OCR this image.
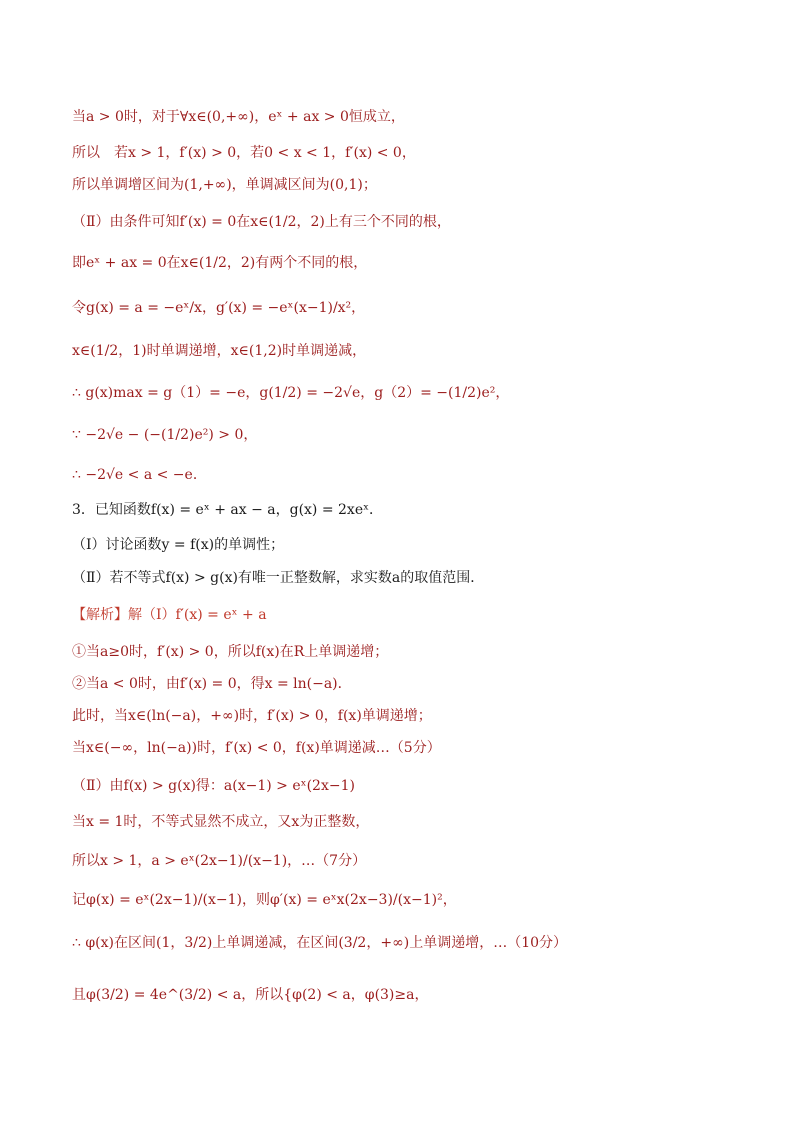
当a > 0时，对于∀x∈(0,+∞)，eˣ + ax > 0恒成立，
所以　若x > 1，f′(x) > 0，若0 < x < 1，f′(x) < 0，
所以单调增区间为(1,+∞)，单调减区间为(0,1)；
（Ⅱ）由条件可知f′(x) = 0在x∈(1/2，2)上有三个不同的根，
即eˣ + ax = 0在x∈(1/2，2)有两个不同的根，
令g(x) = a = −eˣ/x，g′(x) = −eˣ(x−1)/x²，
x∈(1/2，1)时单调递增，x∈(1,2)时单调递减，
∴ g(x)max = g（1）= −e，g(1/2) = −2√e，g（2）= −(1/2)e²，
∵ −2√e − (−(1/2)e²) > 0，
∴ −2√e < a < −e．
3．已知函数f(x) = eˣ + ax − a，g(x) = 2xeˣ．
（Ⅰ）讨论函数y = f(x)的单调性；
（Ⅱ）若不等式f(x) > g(x)有唯一正整数解，求实数a的取值范围．
【解析】解（Ⅰ）f′(x) = eˣ + a
①当a≥0时，f′(x) > 0，所以f(x)在R上单调递增；
②当a < 0时，由f′(x) = 0，得x = ln(−a)．
此时，当x∈(ln(−a)，+∞)时，f′(x) > 0，f(x)单调递增；
当x∈(−∞，ln(−a))时，f′(x) < 0，f(x)单调递减…（5分）
（Ⅱ）由f(x) > g(x)得：a(x−1) > eˣ(2x−1)
当x = 1时，不等式显然不成立，又x为正整数，
所以x > 1，a > eˣ(2x−1)/(x−1)，…（7分）
记φ(x) = eˣ(2x−1)/(x−1)，则φ′(x) = eˣx(2x−3)/(x−1)²，
∴ φ(x)在区间(1，3/2)上单调递减，在区间(3/2，+∞)上单调递增，…（10分）
且φ(3/2) = 4e^(3/2) < a，所以{φ(2) < a，φ(3)≥a，
